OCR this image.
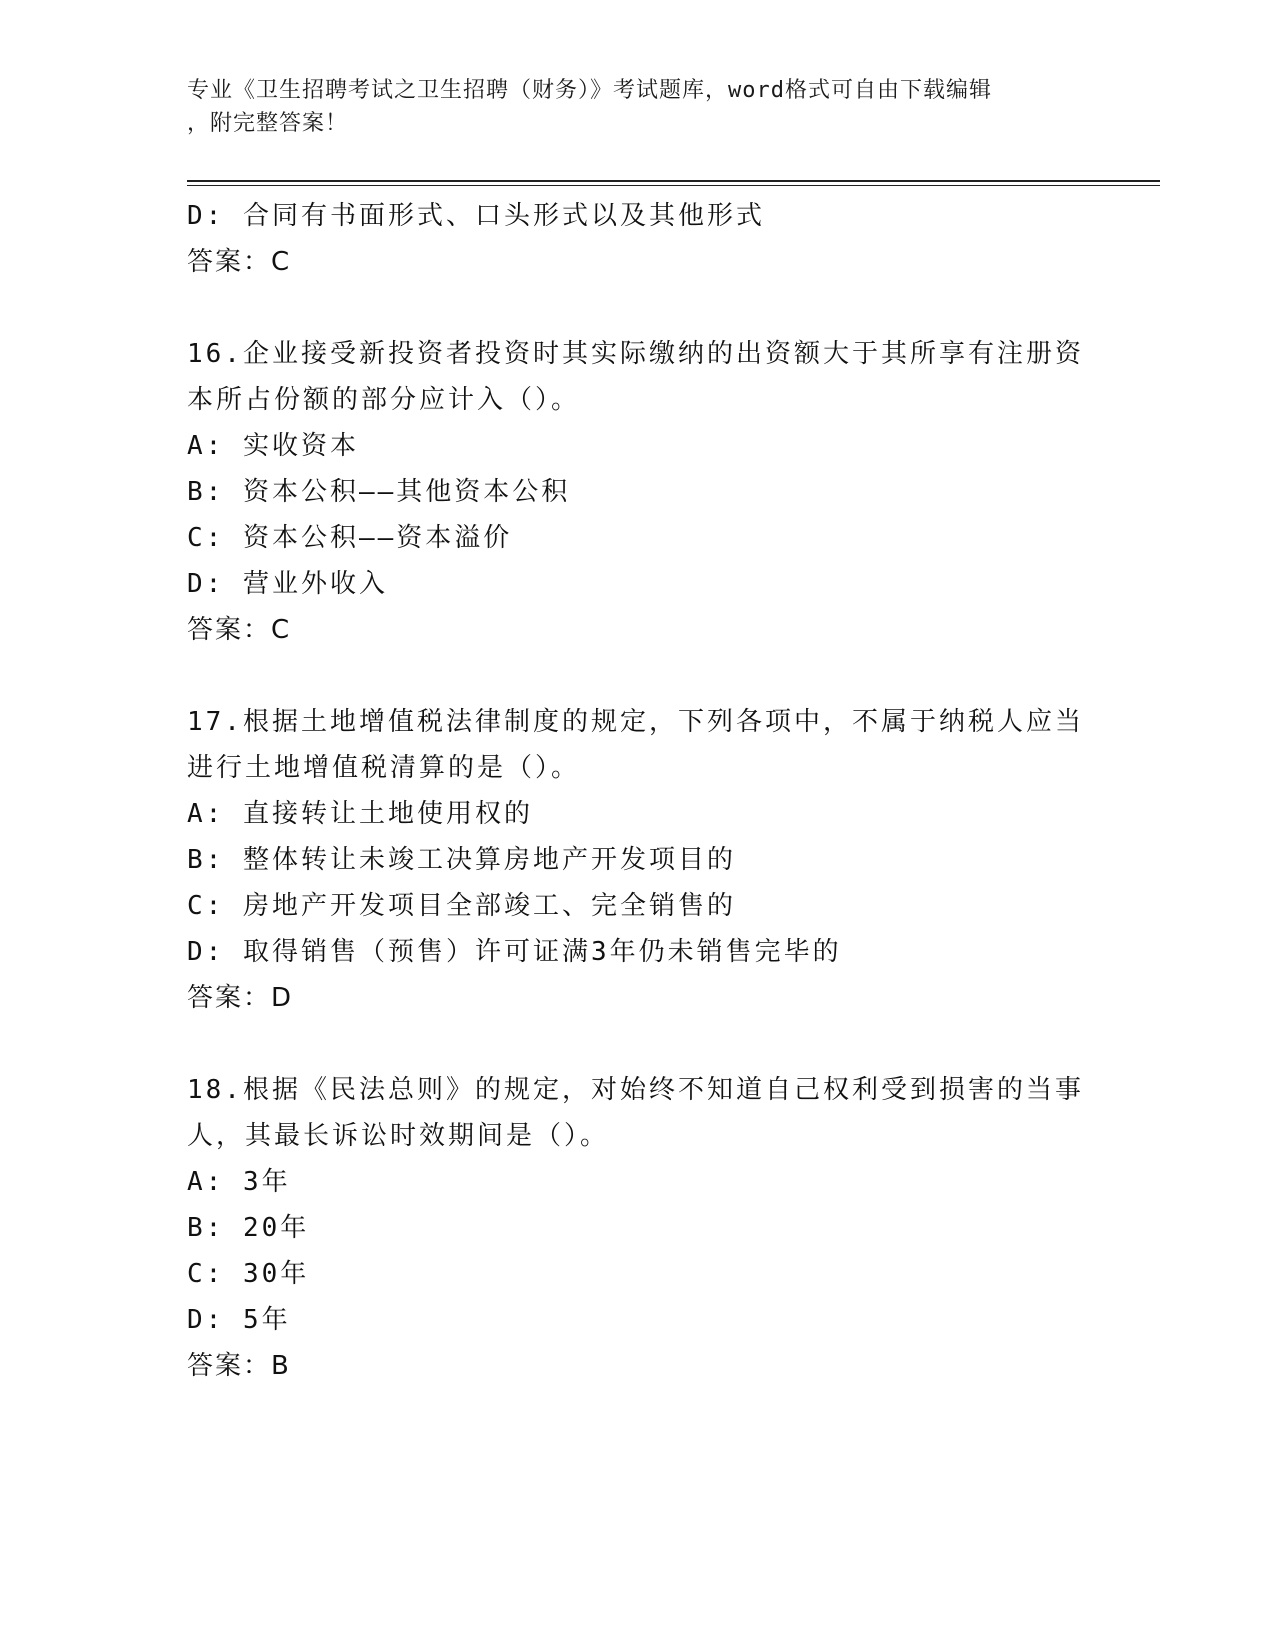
专业《卫生招聘考试之卫生招聘（财务）》考试题库，word格式可自由下载编辑
，附完整答案！
D: 合同有书面形式、口头形式以及其他形式
答案：C
16.企业接受新投资者投资时其实际缴纳的出资额大于其所享有注册资
本所占份额的部分应计入（）。
A: 实收资本
B: 资本公积——其他资本公积
C: 资本公积——资本溢价
D: 营业外收入
答案：C
17.根据土地增值税法律制度的规定，下列各项中，不属于纳税人应当
进行土地增值税清算的是（）。
A: 直接转让土地使用权的
B: 整体转让未竣工决算房地产开发项目的
C: 房地产开发项目全部竣工、完全销售的
D: 取得销售（预售）许可证满3年仍未销售完毕的
答案：D
18.根据《民法总则》的规定，对始终不知道自己权利受到损害的当事
人，其最长诉讼时效期间是（）。
A: 3年
B: 20年
C: 30年
D: 5年
答案：B
